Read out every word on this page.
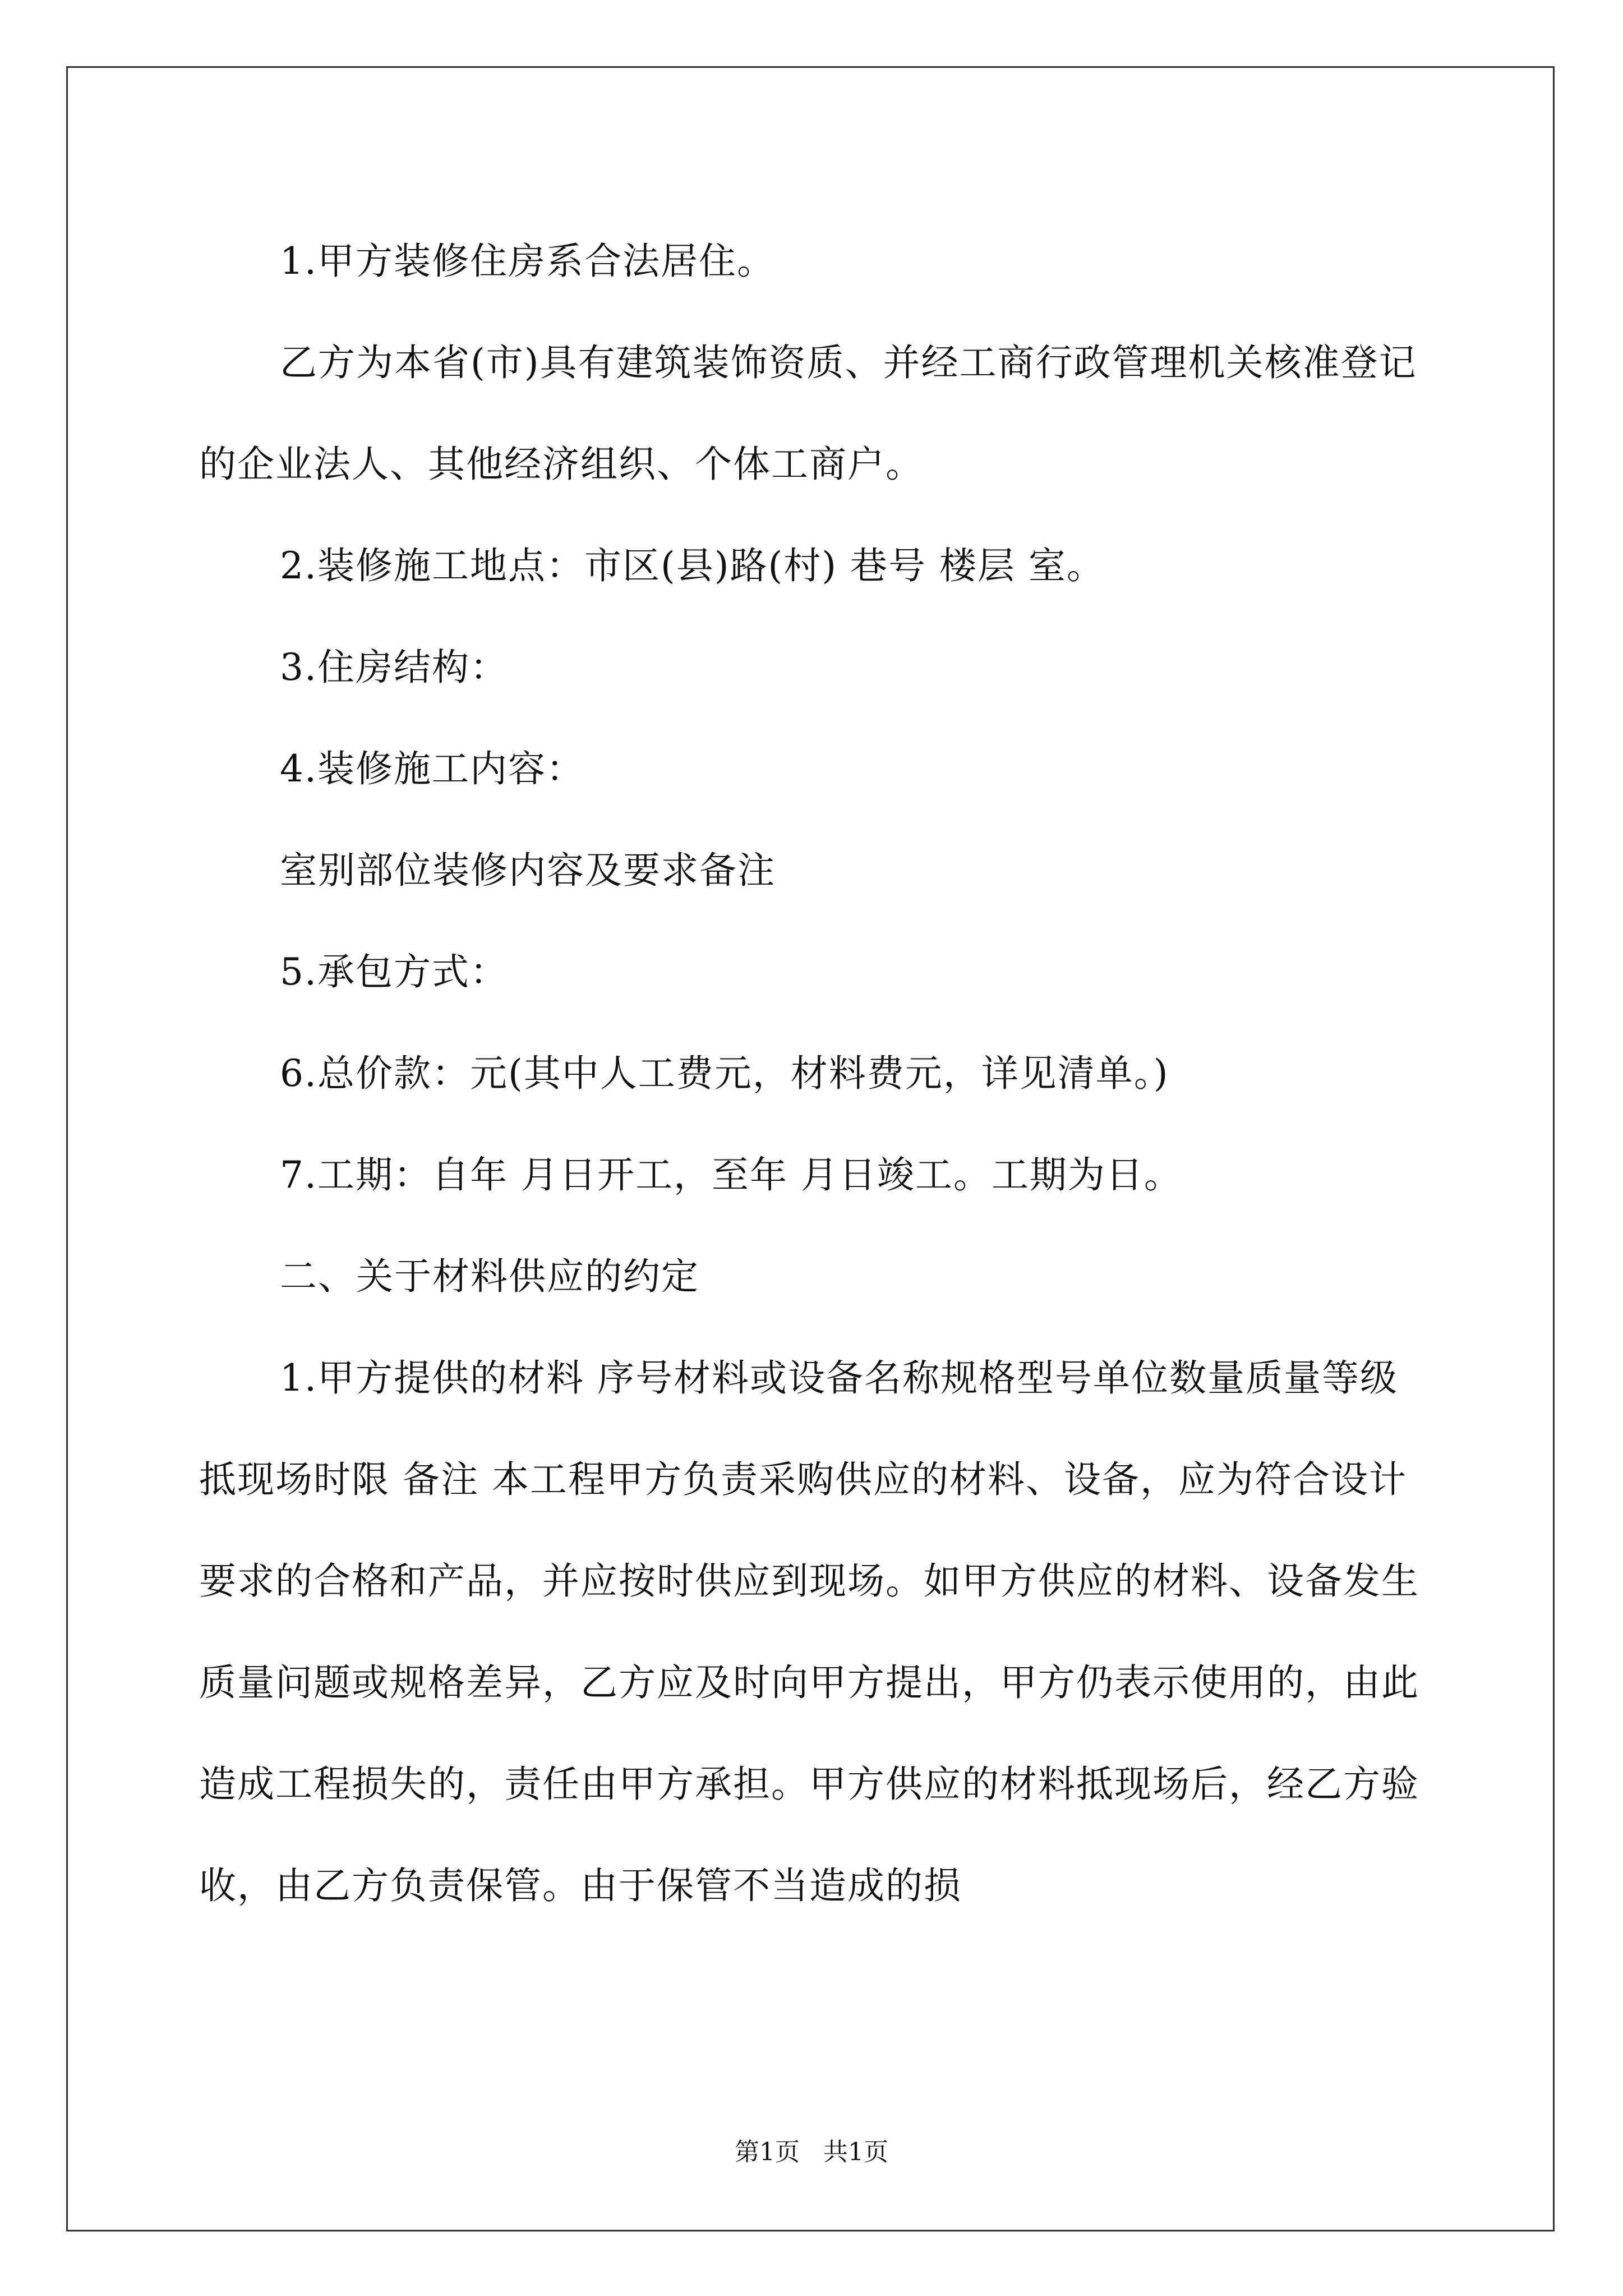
1.甲方装修住房系合法居住。

乙方为本省(市)具有建筑装饰资质、并经工商行政管理机关核准登记的企业法人、其他经济组织、个体工商户。

2.装修施工地点：市区(县)路(村) 巷号 楼层 室。

3.住房结构：

4.装修施工内容：

室别部位装修内容及要求备注

5.承包方式：

6.总价款：元(其中人工费元，材料费元，详见清单。)

7.工期：自年 月日开工，至年 月日竣工。工期为日。

二、关于材料供应的约定

1.甲方提供的材料 序号材料或设备名称规格型号单位数量质量等级抵现场时限 备注 本工程甲方负责采购供应的材料、设备，应为符合设计要求的合格和产品，并应按时供应到现场。如甲方供应的材料、设备发生质量问题或规格差异，乙方应及时向甲方提出，甲方仍表示使用的，由此造成工程损失的，责任由甲方承担。甲方供应的材料抵现场后，经乙方验收，由乙方负责保管。由于保管不当造成的损

第1页   共1页
